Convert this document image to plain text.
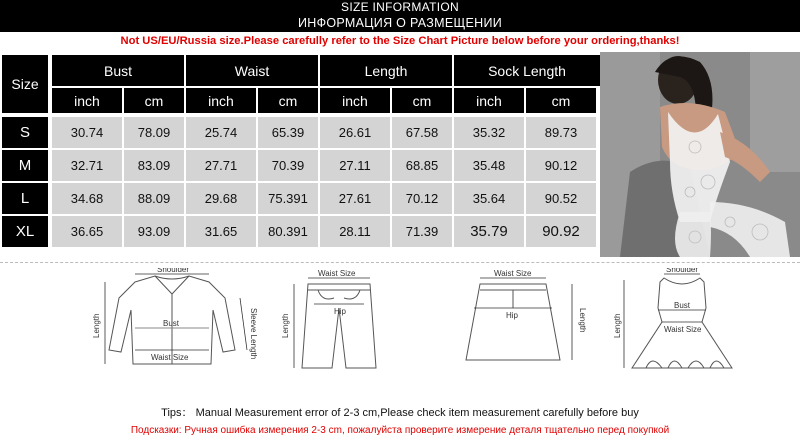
SIZE INFORMATION
ИНФОРМАЦИЯ О РАЗМЕЩЕНИИ
Not US/EU/Russia size.Please carefully refer to the Size Chart Picture below before your ordering,thanks!
Size
Bust	Waist	Length	Sock Length
inch	cm	inch	cm	inch	cm	inch	cm
S	30.74	78.09	25.74	65.39	26.61	67.58	35.32	89.73
M	32.71	83.09	27.71	70.39	27.11	68.85	35.48	90.12
L	34.68	88.09	29.68	75.391	27.61	70.12	35.64	90.52
XL	36.65	93.09	31.65	80.391	28.11	71.39	35.79	90.92
Shoulder
Bust
Waist Size
Length	Sleeve Length
Waist Size
Hip
Length
Waist Size
Hip	Length
Shoulder
Bust
Waist Size
Length
Tips： Manual Measurement error of 2-3 cm,Please check item measurement carefully before buy
Подсказки: Ручная ошибка измерения 2-3 cm, пожалуйста проверите измерение деталя тщательно перед покупкой
